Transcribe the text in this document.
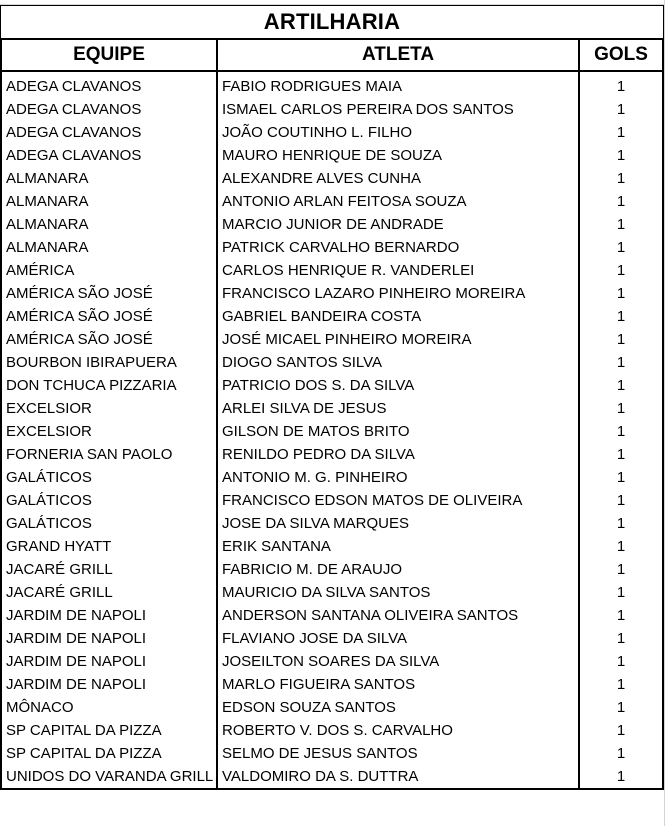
ARTILHARIA
EQUIPE	ATLETA	GOLS
ADEGA CLAVANOS	FABIO RODRIGUES MAIA	1
ADEGA CLAVANOS	ISMAEL CARLOS PEREIRA DOS SANTOS	1
ADEGA CLAVANOS	JOÃO COUTINHO L. FILHO	1
ADEGA CLAVANOS	MAURO HENRIQUE DE SOUZA	1
ALMANARA	ALEXANDRE ALVES CUNHA	1
ALMANARA	ANTONIO ARLAN FEITOSA SOUZA	1
ALMANARA	MARCIO JUNIOR DE ANDRADE	1
ALMANARA	PATRICK CARVALHO BERNARDO	1
AMÉRICA	CARLOS HENRIQUE R. VANDERLEI	1
AMÉRICA SÃO JOSÉ	FRANCISCO LAZARO PINHEIRO MOREIRA	1
AMÉRICA SÃO JOSÉ	GABRIEL BANDEIRA COSTA	1
AMÉRICA SÃO JOSÉ	JOSÉ MICAEL PINHEIRO MOREIRA	1
BOURBON IBIRAPUERA	DIOGO SANTOS SILVA	1
DON TCHUCA PIZZARIA	PATRICIO DOS S. DA SILVA	1
EXCELSIOR	ARLEI SILVA DE JESUS	1
EXCELSIOR	GILSON DE MATOS BRITO	1
FORNERIA SAN PAOLO	RENILDO PEDRO DA SILVA	1
GALÁTICOS	ANTONIO M. G. PINHEIRO	1
GALÁTICOS	FRANCISCO EDSON MATOS DE OLIVEIRA	1
GALÁTICOS	JOSE DA SILVA MARQUES	1
GRAND HYATT	ERIK SANTANA	1
JACARÉ GRILL	FABRICIO M. DE ARAUJO	1
JACARÉ GRILL	MAURICIO DA SILVA SANTOS	1
JARDIM DE NAPOLI	ANDERSON SANTANA OLIVEIRA SANTOS	1
JARDIM DE NAPOLI	FLAVIANO JOSE DA SILVA	1
JARDIM DE NAPOLI	JOSEILTON SOARES DA SILVA	1
JARDIM DE NAPOLI	MARLO FIGUEIRA SANTOS	1
MÔNACO	EDSON SOUZA SANTOS	1
SP CAPITAL DA PIZZA	ROBERTO V. DOS S. CARVALHO	1
SP CAPITAL DA PIZZA	SELMO DE JESUS SANTOS	1
UNIDOS DO VARANDA GRILL	VALDOMIRO DA S. DUTTRA	1
